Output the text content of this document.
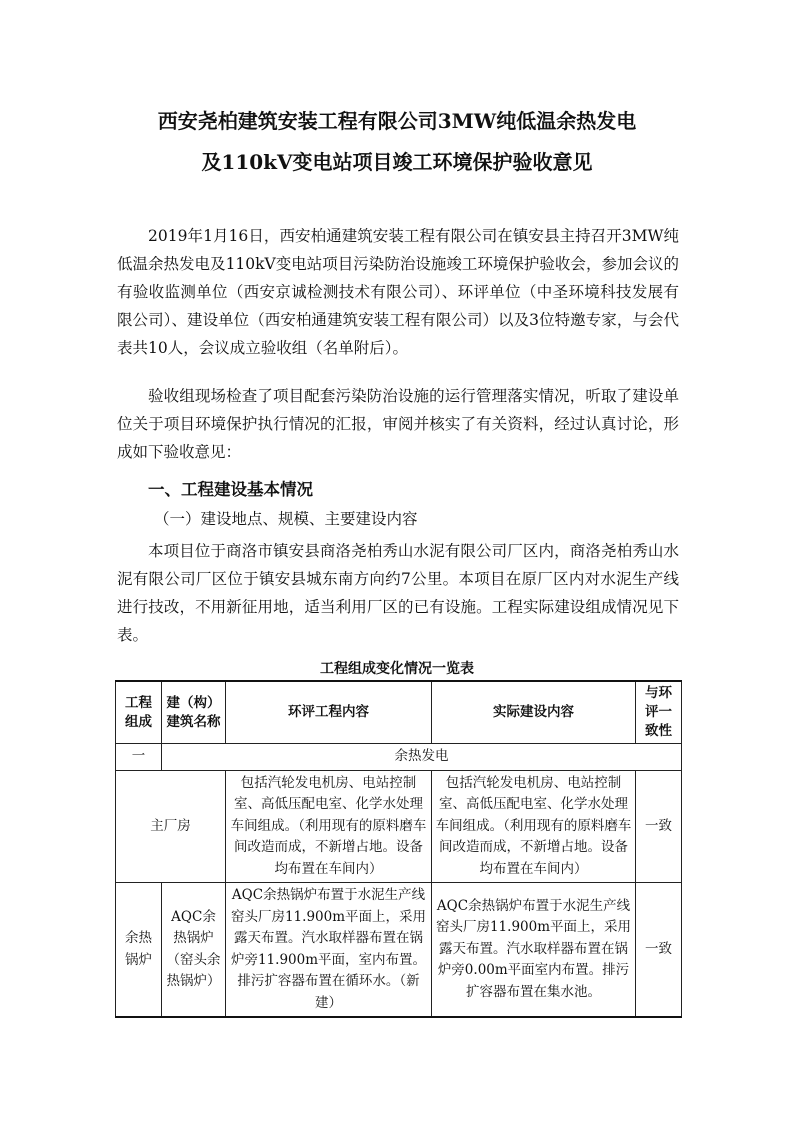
西安尧柏建筑安装工程有限公司3MW纯低温余热发电
及110kV变电站项目竣工环境保护验收意见

2019年1月16日，西安柏通建筑安装工程有限公司在镇安县主持召开3MW纯低温余热发电及110kV变电站项目污染防治设施竣工环境保护验收会，参加会议的有验收监测单位（西安京诚检测技术有限公司）、环评单位（中圣环境科技发展有限公司）、建设单位（西安柏通建筑安装工程有限公司）以及3位特邀专家，与会代表共10人，会议成立验收组（名单附后）。

验收组现场检查了项目配套污染防治设施的运行管理落实情况，听取了建设单位关于项目环境保护执行情况的汇报，审阅并核实了有关资料，经过认真讨论，形成如下验收意见：

一、工程建设基本情况

（一）建设地点、规模、主要建设内容

本项目位于商洛市镇安县商洛尧柏秀山水泥有限公司厂区内，商洛尧柏秀山水泥有限公司厂区位于镇安县城东南方向约7公里。本项目在原厂区内对水泥生产线进行技改，不用新征用地，适当利用厂区的已有设施。工程实际建设组成情况见下表。

工程组成变化情况一览表
工程组成	建（构）建筑名称	环评工程内容	实际建设内容	与环评一致性
一	余热发电			
主厂房		包括汽轮发电机房、电站控制室、高低压配电室、化学水处理车间组成。（利用现有的原料磨车间改造而成，不新增占地。设备均布置在车间内）	包括汽轮发电机房、电站控制室、高低压配电室、化学水处理车间组成。（利用现有的原料磨车间改造而成，不新增占地。设备均布置在车间内）	一致
余热锅炉	AQC余热锅炉（窑头余热锅炉）	AQC余热锅炉布置于水泥生产线窑头厂房11.900m平面上，采用露天布置。汽水取样器布置在锅炉旁11.900m平面，室内布置。排污扩容器布置在循环水。（新建）	AQC余热锅炉布置于水泥生产线窑头厂房11.900m平面上，采用露天布置。汽水取样器布置在锅炉旁0.00m平面室内布置。排污扩容器布置在集水池。	一致
